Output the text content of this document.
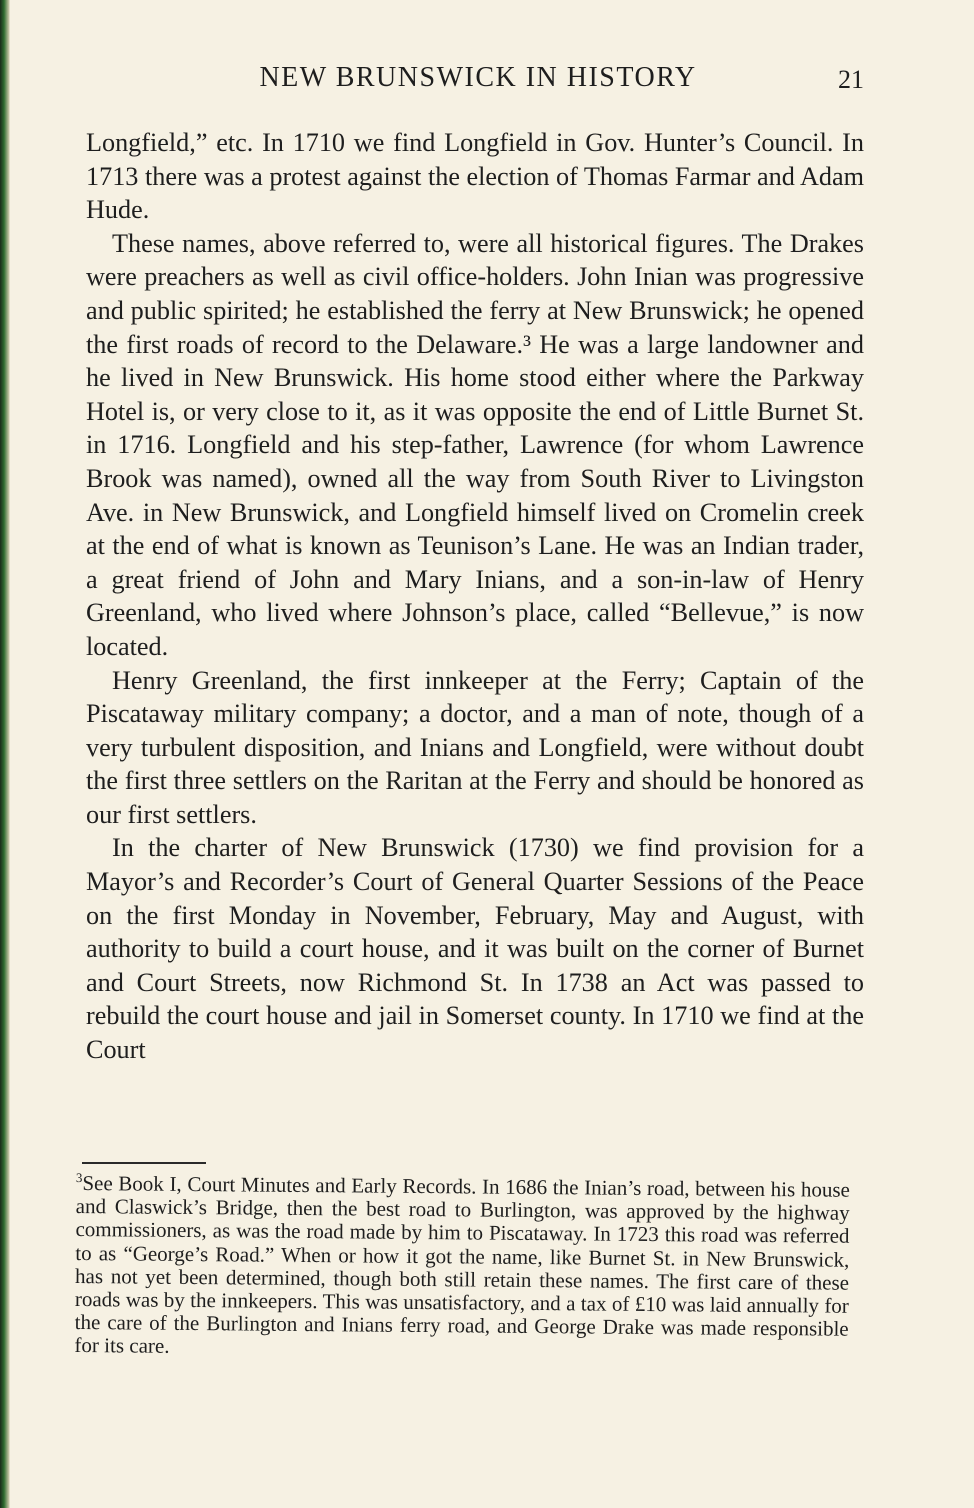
NEW BRUNSWICK IN HISTORY	21

Longfield,” etc. In 1710 we find Longfield in Gov. Hunter’s Council. In 1713 there was a protest against the election of Thomas Farmar and Adam Hude.

These names, above referred to, were all historical figures. The Drakes were preachers as well as civil office-holders. John Inian was progressive and public spirited; he established the ferry at New Brunswick; he opened the first roads of record to the Delaware.³ He was a large landowner and he lived in New Brunswick. His home stood either where the Parkway Hotel is, or very close to it, as it was opposite the end of Little Burnet St. in 1716. Longfield and his step-father, Lawrence (for whom Lawrence Brook was named), owned all the way from South River to Livingston Ave. in New Brunswick, and Longfield himself lived on Cromelin creek at the end of what is known as Teunison’s Lane. He was an Indian trader, a great friend of John and Mary Inians, and a son-in-law of Henry Greenland, who lived where Johnson’s place, called “Bellevue,” is now located.

Henry Greenland, the first innkeeper at the Ferry; Captain of the Piscataway military company; a doctor, and a man of note, though of a very turbulent disposition, and Inians and Longfield, were without doubt the first three settlers on the Raritan at the Ferry and should be honored as our first settlers.

In the charter of New Brunswick (1730) we find provision for a Mayor’s and Recorder’s Court of General Quarter Sessions of the Peace on the first Monday in November, February, May and August, with authority to build a court house, and it was built on the corner of Burnet and Court Streets, now Richmond St. In 1738 an Act was passed to rebuild the court house and jail in Somerset county. In 1710 we find at the Court

$^3$See Book I, Court Minutes and Early Records. In 1686 the Inian’s road, between his house and Claswick’s Bridge, then the best road to Burlington, was approved by the highway commissioners, as was the road made by him to Piscataway. In 1723 this road was referred to as “George’s Road.” When or how it got the name, like Burnet St. in New Brunswick, has not yet been determined, though both still retain these names. The first care of these roads was by the innkeepers. This was unsatisfactory, and a tax of £10 was laid annually for the care of the Burlington and Inians ferry road, and George Drake was made responsible for its care.
